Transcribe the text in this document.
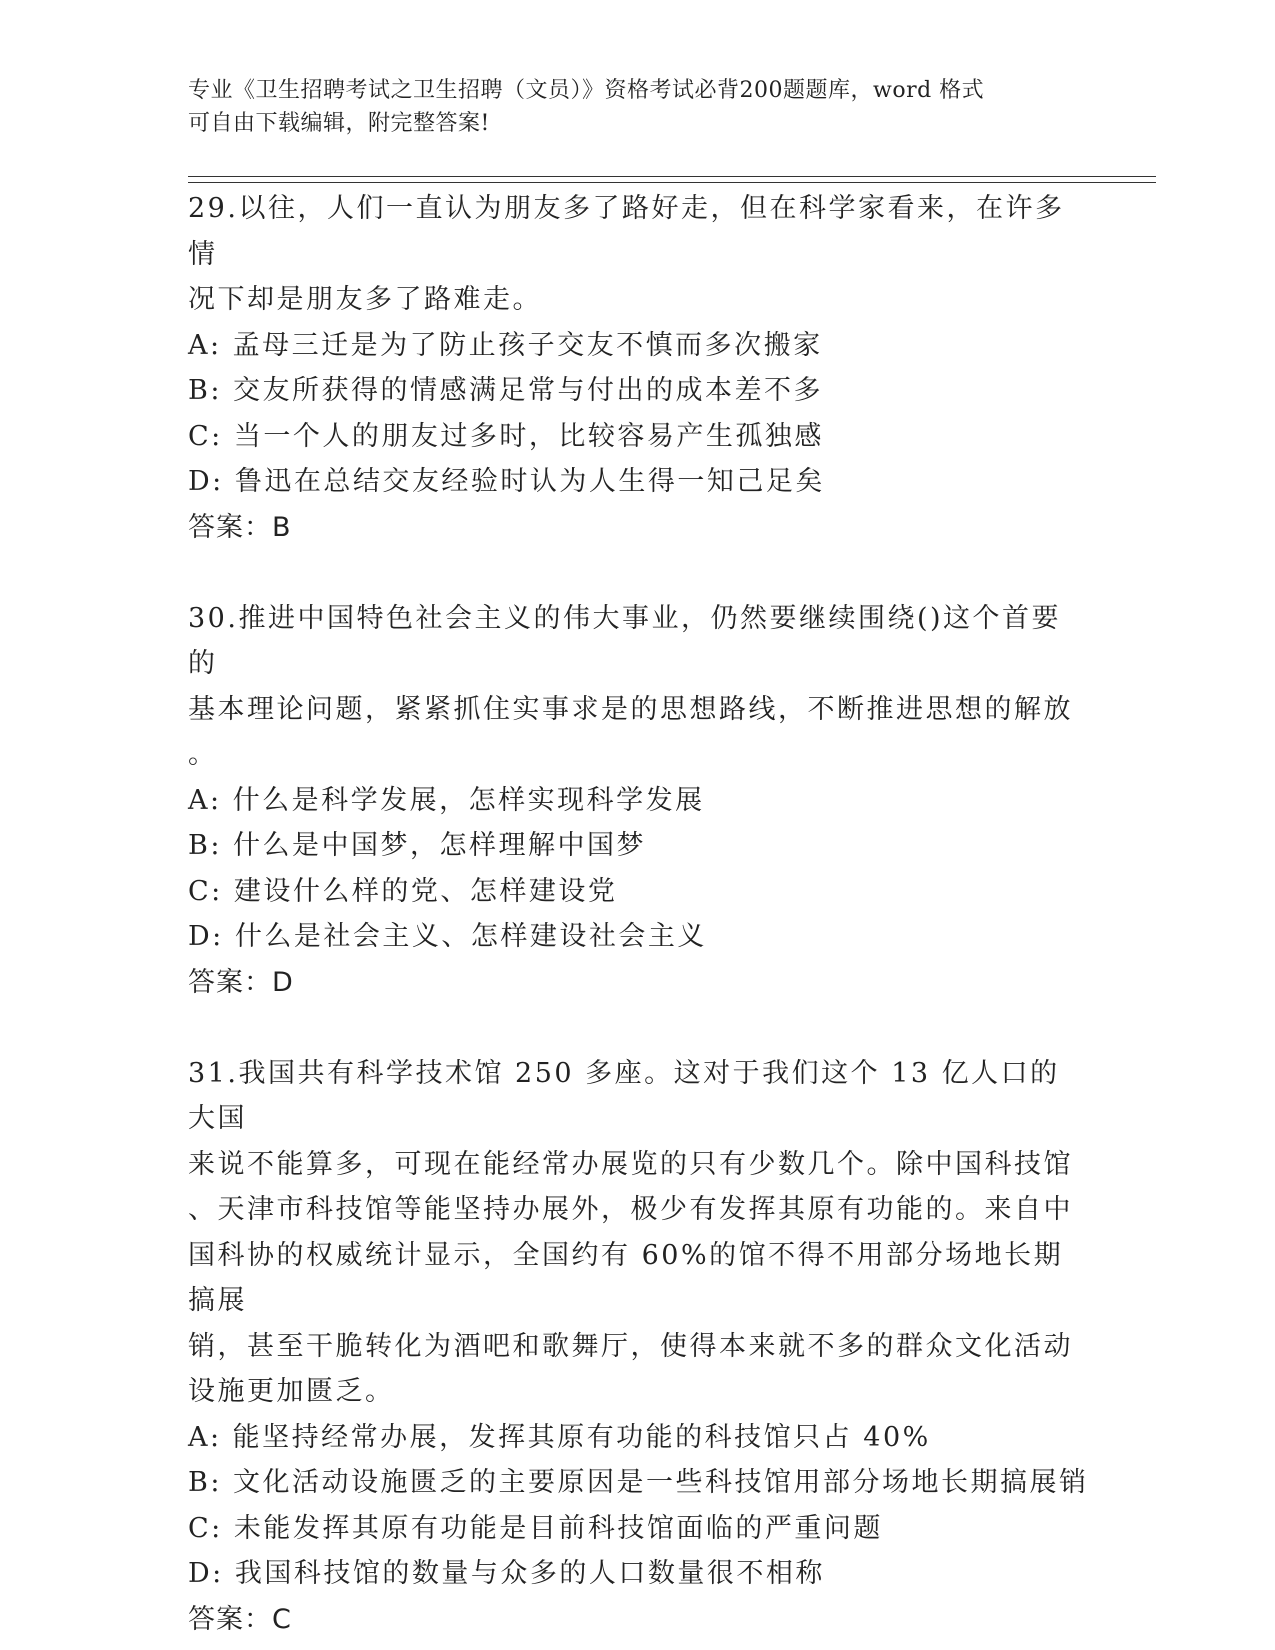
专业《卫生招聘考试之卫生招聘（文员）》资格考试必背200题题库，word 格式
可自由下载编辑，附完整答案!
29.以往，人们一直认为朋友多了路好走，但在科学家看来，在许多情
况下却是朋友多了路难走。
A: 孟母三迁是为了防止孩子交友不慎而多次搬家
B: 交友所获得的情感满足常与付出的成本差不多
C: 当一个人的朋友过多时，比较容易产生孤独感
D: 鲁迅在总结交友经验时认为人生得一知己足矣
答案：B
30.推进中国特色社会主义的伟大事业，仍然要继续围绕()这个首要的
基本理论问题，紧紧抓住实事求是的思想路线，不断推进思想的解放
。
A: 什么是科学发展，怎样实现科学发展
B: 什么是中国梦，怎样理解中国梦
C: 建设什么样的党、怎样建设党
D: 什么是社会主义、怎样建设社会主义
答案：D
31.我国共有科学技术馆 250 多座。这对于我们这个 13 亿人口的大国
来说不能算多，可现在能经常办展览的只有少数几个。除中国科技馆
、天津市科技馆等能坚持办展外，极少有发挥其原有功能的。来自中
国科协的权威统计显示，全国约有 60%的馆不得不用部分场地长期搞展
销，甚至干脆转化为酒吧和歌舞厅，使得本来就不多的群众文化活动
设施更加匮乏。
A: 能坚持经常办展，发挥其原有功能的科技馆只占 40%
B: 文化活动设施匮乏的主要原因是一些科技馆用部分场地长期搞展销
C: 未能发挥其原有功能是目前科技馆面临的严重问题
D: 我国科技馆的数量与众多的人口数量很不相称
答案：C
